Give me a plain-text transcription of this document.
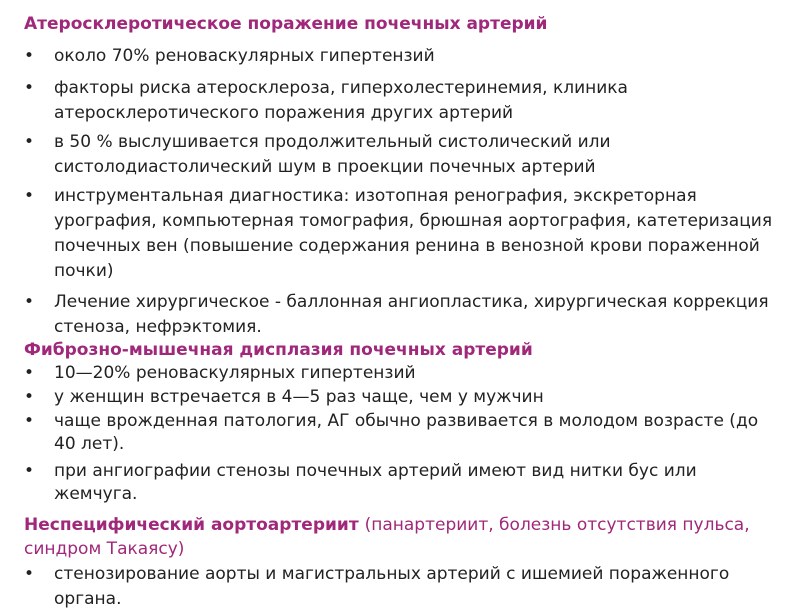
Атеросклеротическое поражение почечных артерий
• около 70% реноваскулярных гипертензий
• факторы риска атеросклероза, гиперхолестеринемия, клиника атеросклеротического поражения других артерий
• в 50 % выслушивается продолжительный систолический или систолодиастолический шум в проекции почечных артерий
• инструментальная диагностика: изотопная ренография, экскреторная урография, компьютерная томография, брюшная аортография, катетеризация почечных вен (повышение содержания ренина в венозной крови пораженной почки)
• Лечение хирургическое - баллонная ангиопластика, хирургическая коррекция стеноза, нефрэктомия.
Фиброзно-мышечная дисплазия почечных артерий
• 10—20% реноваскулярных гипертензий
• у женщин встречается в 4—5 раз чаще, чем у мужчин
• чаще врожденная патология, АГ обычно развивается в молодом возрасте (до 40 лет).
• при ангиографии стенозы почечных артерий имеют вид нитки бус или жемчуга.
Неспецифический аортоартериит (панартериит, болезнь отсутствия пульса, синдром Такаясу)
• стенозирование аорты и магистральных артерий с ишемией пораженного органа.
